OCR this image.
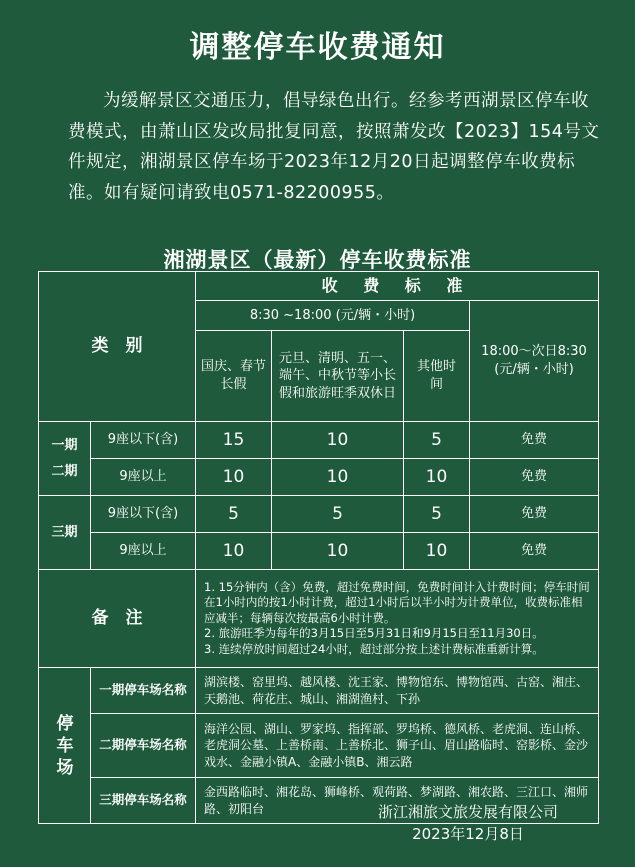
调整停车收费通知

为缓解景区交通压力，倡导绿色出行。经参考西湖景区停车收费模式，由萧山区发改局批复同意，按照萧发改【2023】154号文件规定，湘湖景区停车场于2023年12月20日起调整停车收费标准。如有疑问请致电0571-82200955。

湘湖景区（最新）停车收费标准
类　别		收 费 标 准			
		8:30 ~18:00 (元/辆・小时)			18:00～次日8:30 (元/辆・小时)
		国庆、春节长假	元旦、清明、五一、端午、中秋节等小长假和旅游旺季双休日	其他时间	

一期
二期	9座以下(含)	15	10	5	免费
	9座以上	10	10	10	免费
三期	9座以下(含)	5	5	5	免费
	9座以上	10	10	10	免费
备　注		1. 15分钟内（含）免费，超过免费时间，免费时间计入计费时间；停车时间在1小时内的按1小时计费，超过1小时后以半小时为计费单位，收费标准相应减半；每辆每次按最高6小时计费。

2. 旅游旺季为每年的3月15日至5月31日和9月15日至11月30日。

3. 连续停放时间超过24小时，超过部分按上述计费标准重新计算。			

停车场	一期停车场名称	湖滨楼、窑里坞、越风楼、沈王家、博物馆东、博物馆西、古窑、湘庄、天鹅池、荷花庄、城山、湘湖渔村、下孙			
	二期停车场名称	海洋公园、湖山、罗家坞、指挥部、罗坞桥、德风桥、老虎洞、连山桥、老虎洞公墓、上善桥南、上善桥北、狮子山、眉山路临时、窑影桥、金沙戏水、金融小镇A、金融小镇B、湘云路			
	三期停车场名称	金西路临时、湘花岛、狮峰桥、观荷路、梦湖路、湘农路、三江口、湘师路、初阳台				浙江湘旅文旅发展有限公司
2023年12月8日
